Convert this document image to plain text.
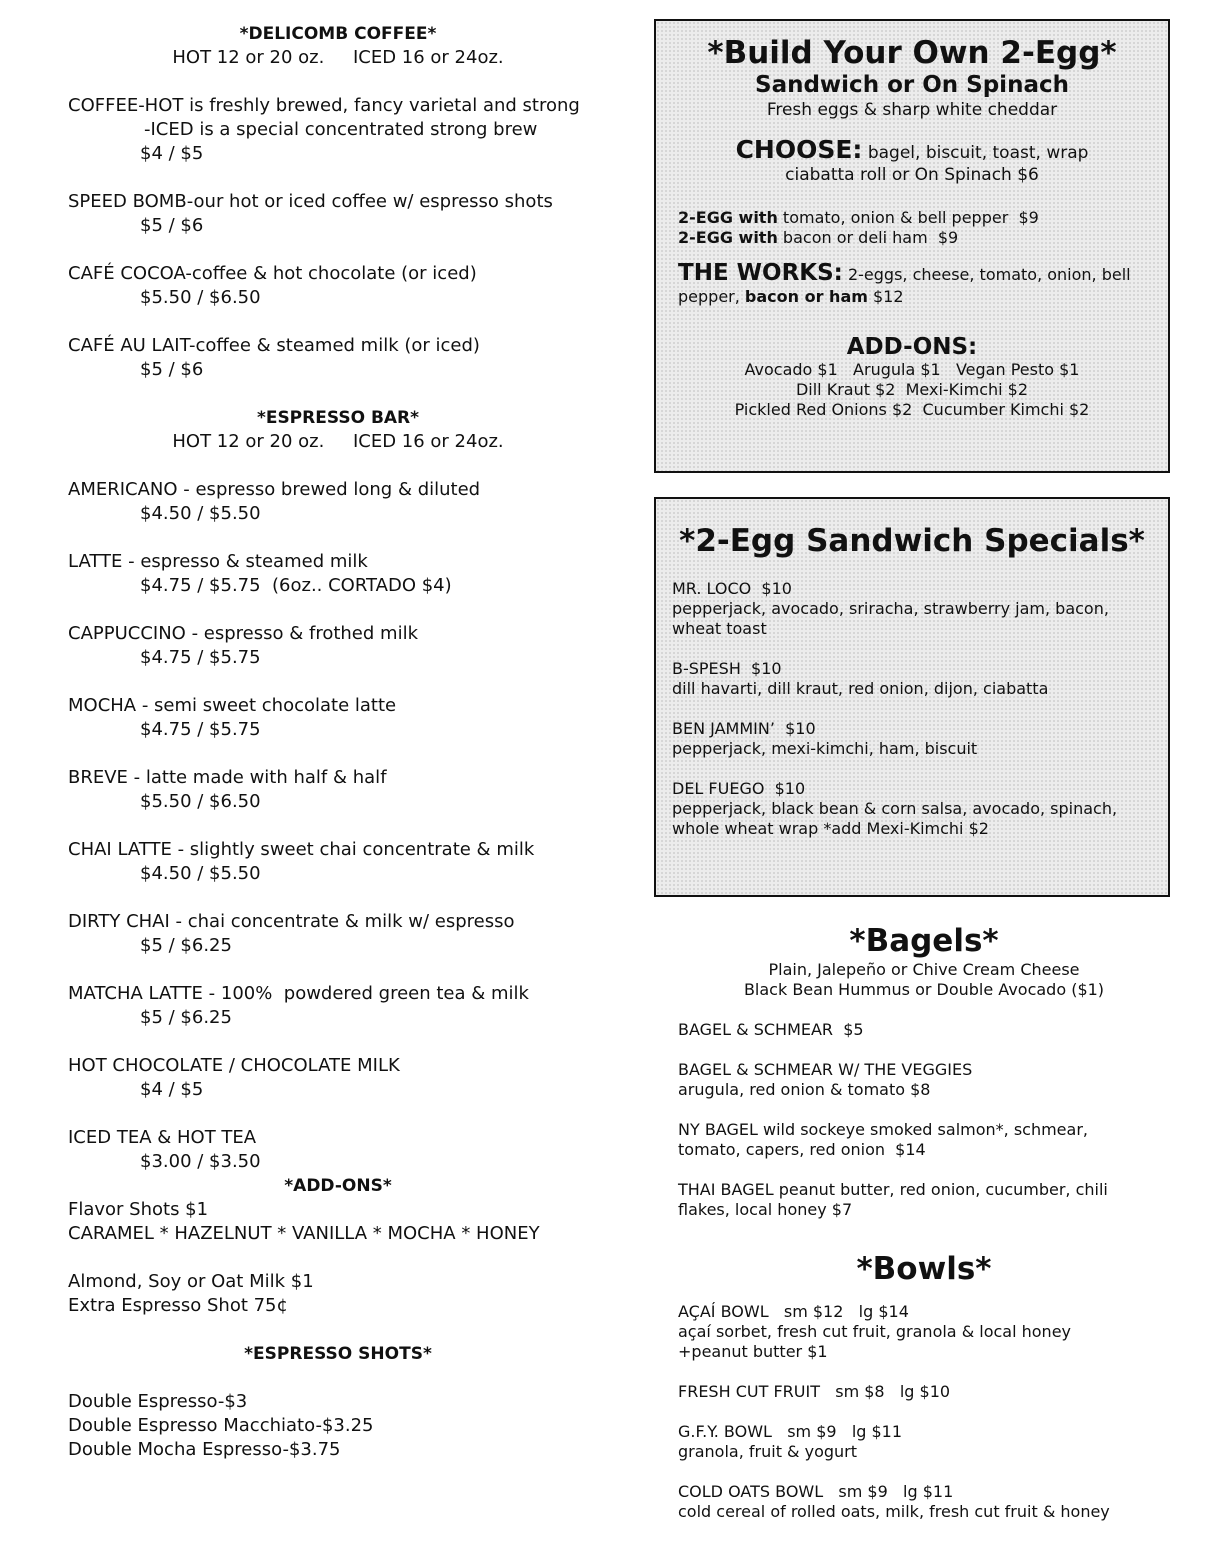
*DELICOMB COFFEE*
HOT 12 or 20 oz.     ICED 16 or 24oz.
COFFEE-HOT is freshly brewed, fancy varietal and strong
-ICED is a special concentrated strong brew
$4 / $5
SPEED BOMB-our hot or iced coffee w/ espresso shots
$5 / $6
CAFÉ COCOA-coffee & hot chocolate (or iced)
$5.50 / $6.50
CAFÉ AU LAIT-coffee & steamed milk (or iced)
$5 / $6
*ESPRESSO BAR*
HOT 12 or 20 oz.     ICED 16 or 24oz.
AMERICANO - espresso brewed long & diluted
$4.50 / $5.50
LATTE - espresso & steamed milk
$4.75 / $5.75  (6oz.. CORTADO $4)
CAPPUCCINO - espresso & frothed milk
$4.75 / $5.75
MOCHA - semi sweet chocolate latte
$4.75 / $5.75
BREVE - latte made with half & half
$5.50 / $6.50
CHAI LATTE - slightly sweet chai concentrate & milk
$4.50 / $5.50
DIRTY CHAI - chai concentrate & milk w/ espresso
$5 / $6.25
MATCHA LATTE - 100%  powdered green tea & milk
$5 / $6.25
HOT CHOCOLATE / CHOCOLATE MILK
$4 / $5
ICED TEA & HOT TEA
$3.00 / $3.50
*ADD-ONS*
Flavor Shots $1
CARAMEL * HAZELNUT * VANILLA * MOCHA * HONEY
Almond, Soy or Oat Milk $1
Extra Espresso Shot 75¢
*ESPRESSO SHOTS*
Double Espresso-$3
Double Espresso Macchiato-$3.25
Double Mocha Espresso-$3.75
*Build Your Own 2-Egg*
Sandwich or On Spinach
Fresh eggs & sharp white cheddar
CHOOSE: bagel, biscuit, toast, wrap
ciabatta roll or On Spinach $6
2-EGG with tomato, onion & bell pepper  $9
2-EGG with bacon or deli ham  $9
THE WORKS: 2-eggs, cheese, tomato, onion, bell pepper, bacon or ham $12
ADD-ONS:
Avocado $1   Arugula $1   Vegan Pesto $1
Dill Kraut $2  Mexi-Kimchi $2
Pickled Red Onions $2  Cucumber Kimchi $2
*2-Egg Sandwich Specials*
MR. LOCO  $10
pepperjack, avocado, sriracha, strawberry jam, bacon, wheat toast
B-SPESH  $10
dill havarti, dill kraut, red onion, dijon, ciabatta
BEN JAMMIN’  $10
pepperjack, mexi-kimchi, ham, biscuit
DEL FUEGO  $10
pepperjack, black bean & corn salsa, avocado, spinach, whole wheat wrap *add Mexi-Kimchi $2
*Bagels*
Plain, Jalepeño or Chive Cream Cheese
Black Bean Hummus or Double Avocado ($1)
BAGEL & SCHMEAR  $5
BAGEL & SCHMEAR W/ THE VEGGIES
arugula, red onion & tomato $8
NY BAGEL wild sockeye smoked salmon*, schmear,
tomato, capers, red onion  $14
THAI BAGEL peanut butter, red onion, cucumber, chili
flakes, local honey $7
*Bowls*
AÇAÍ BOWL   sm $12   lg $14
açaí sorbet, fresh cut fruit, granola & local honey
+peanut butter $1
FRESH CUT FRUIT   sm $8   lg $10
G.F.Y. BOWL   sm $9   lg $11
granola, fruit & yogurt
COLD OATS BOWL   sm $9   lg $11
cold cereal of rolled oats, milk, fresh cut fruit & honey
